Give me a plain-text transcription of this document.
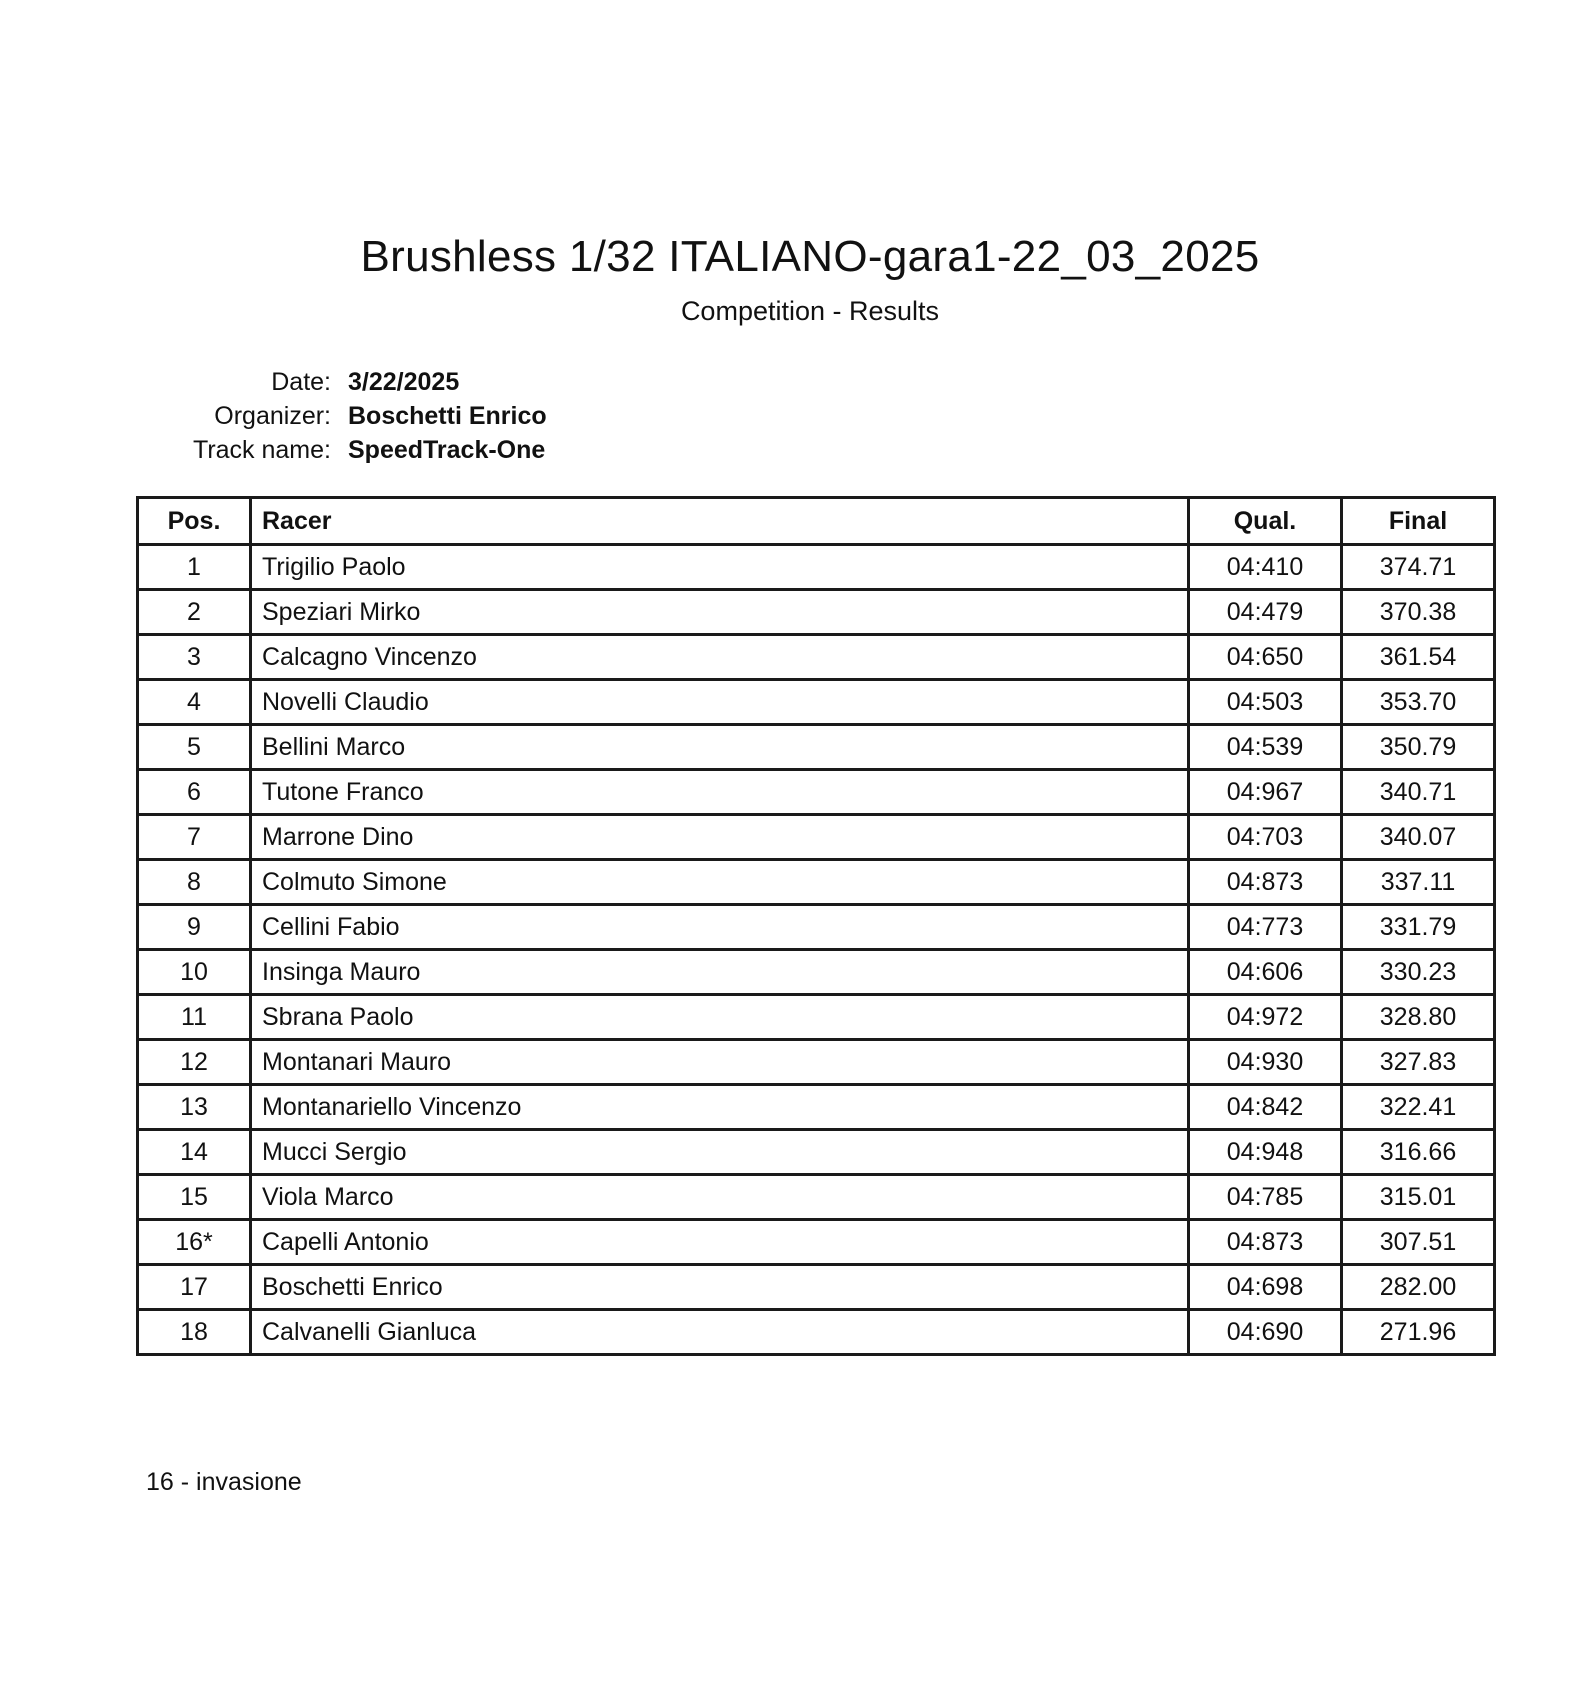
Brushless 1/32 ITALIANO-gara1-22_03_2025
Competition - Results
Date: 3/22/2025
Organizer: Boschetti Enrico
Track name: SpeedTrack-One
Pos.	Racer	Qual.	Final
1	Trigilio Paolo	04:410	374.71
2	Speziari Mirko	04:479	370.38
3	Calcagno Vincenzo	04:650	361.54
4	Novelli Claudio	04:503	353.70
5	Bellini Marco	04:539	350.79
6	Tutone Franco	04:967	340.71
7	Marrone Dino	04:703	340.07
8	Colmuto Simone	04:873	337.11
9	Cellini Fabio	04:773	331.79
10	Insinga Mauro	04:606	330.23
11	Sbrana Paolo	04:972	328.80
12	Montanari Mauro	04:930	327.83
13	Montanariello Vincenzo	04:842	322.41
14	Mucci Sergio	04:948	316.66
15	Viola Marco	04:785	315.01
16*	Capelli Antonio	04:873	307.51
17	Boschetti Enrico	04:698	282.00
18	Calvanelli Gianluca	04:690	271.96
16 - invasione
